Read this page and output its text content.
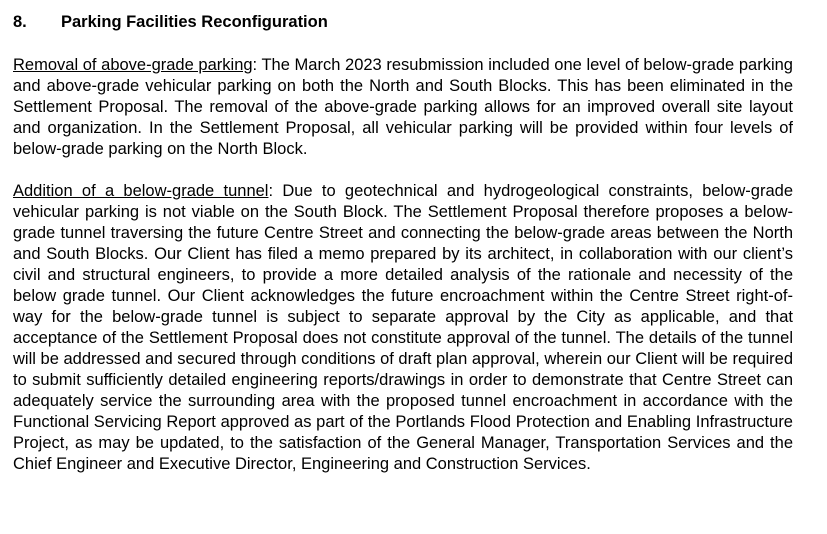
8. Parking Facilities Reconfiguration

Removal of above-grade parking: The March 2023 resubmission included one level of below-grade parking and above-grade vehicular parking on both the North and South Blocks. This has been eliminated in the Settlement Proposal. The removal of the above-grade parking allows for an improved overall site layout and organization. In the Settlement Proposal, all vehicular parking will be provided within four levels of below-grade parking on the North Block.

Addition of a below-grade tunnel: Due to geotechnical and hydrogeological constraints, below-grade vehicular parking is not viable on the South Block. The Settlement Proposal therefore proposes a below-grade tunnel traversing the future Centre Street and connecting the below-grade areas between the North and South Blocks. Our Client has filed a memo prepared by its architect, in collaboration with our client’s civil and structural engineers, to provide a more detailed analysis of the rationale and necessity of the below grade tunnel. Our Client acknowledges the future encroachment within the Centre Street right-of-way for the below-grade tunnel is subject to separate approval by the City as applicable, and that acceptance of the Settlement Proposal does not constitute approval of the tunnel. The details of the tunnel will be addressed and secured through conditions of draft plan approval, wherein our Client will be required to submit sufficiently detailed engineering reports/drawings in order to demonstrate that Centre Street can adequately service the surrounding area with the proposed tunnel encroachment in accordance with the Functional Servicing Report approved as part of the Portlands Flood Protection and Enabling Infrastructure Project, as may be updated, to the satisfaction of the General Manager, Transportation Services and the Chief Engineer and Executive Director, Engineering and Construction Services.
